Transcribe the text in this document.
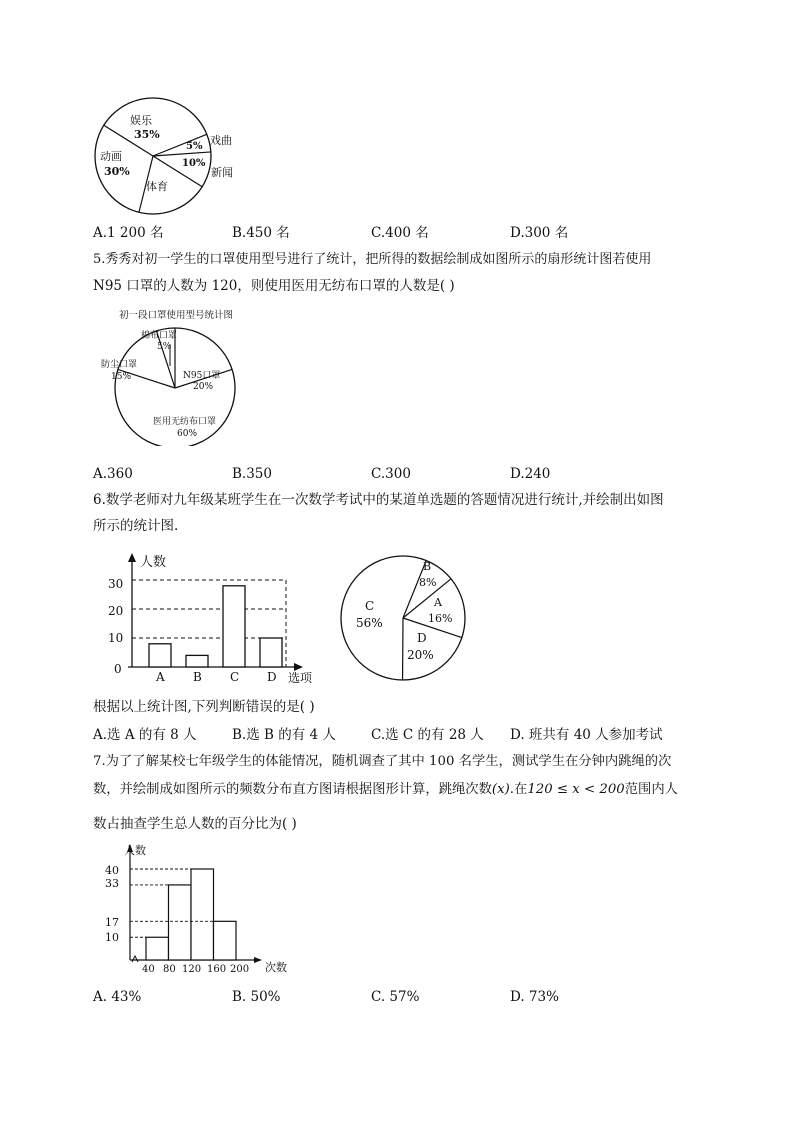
娱乐
35%	戏曲
5%
10%
新闻
动画
30%
体育
A.1 200 名	B.450 名	C.400 名	D.300 名
5.秀秀对初一学生的口罩使用型号进行了统计，把所得的数据绘制成如图所示的扇形统计图若使用
N95 口罩的人数为 120，则使用医用无纺布口罩的人数是( )
初一段口罩使用型号统计图
棉布口罩
5%
防尘口罩
15%	N95口罩
20%
医用无纺布口罩
60%
A.360	B.350	C.300	D.240
6.数学老师对九年级某班学生在一次数学考试中的某道单选题的答题情况进行统计,并绘制出如图
所示的统计图.
A B C D
人数
30
20
10
0
选项
B
8%
A
16%
C
56%
D
20%
根据以上统计图,下列判断错误的是( )
A.选 A 的有 8 人	B.选 B 的有 4 人	C.选 C 的有 28 人 D. 班共有 40 人参加考试
7.为了了解某校七年级学生的体能情况，随机调查了其中 100 名学生，测试学生在分钟内跳绳的次
数，并绘制成如图所示的频数分布直方图请根据图形计算，跳绳次数(x).在120 ≤ x < 200范围内人
数占抽查学生总人数的百分比为( )
人数
40
33
17
10
40 80 120 160 200 次数
A. 43%	B. 50%	C. 57%	D. 73%
